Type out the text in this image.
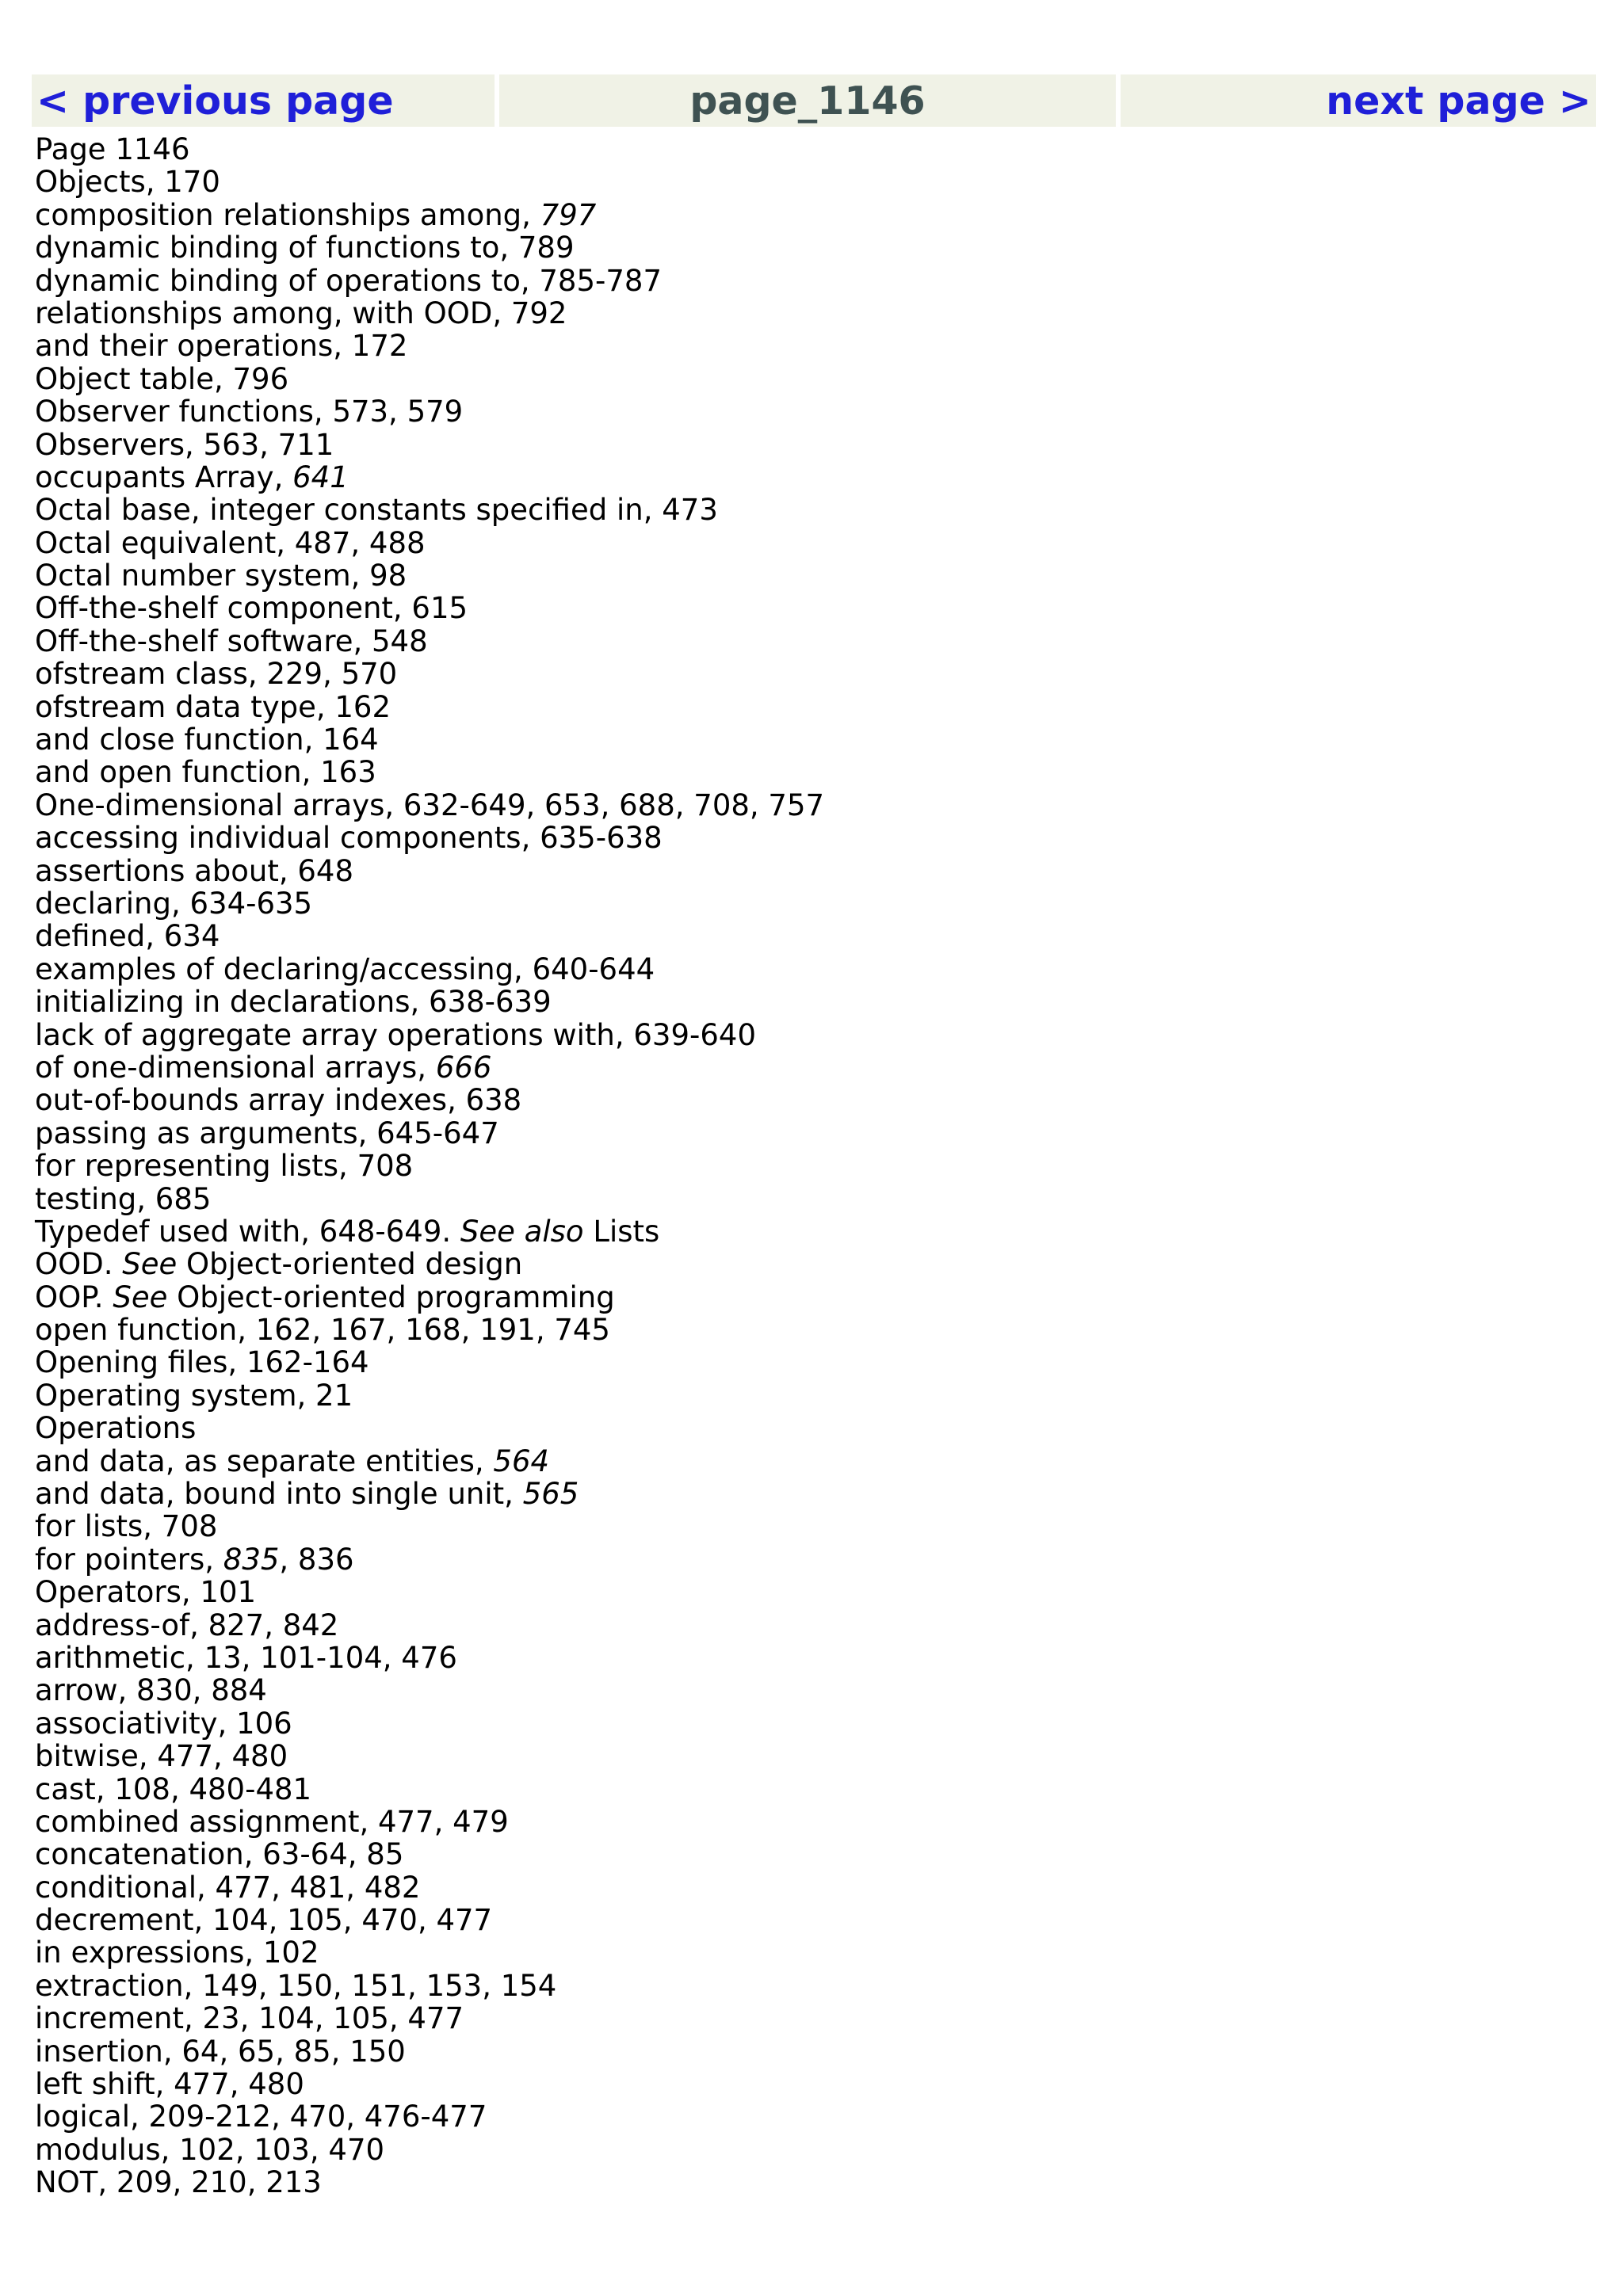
< previous page	page_1146	next page >
Page 1146
Objects, 170
composition relationships among, 797
dynamic binding of functions to, 789
dynamic binding of operations to, 785-787
relationships among, with OOD, 792
and their operations, 172
Object table, 796
Observer functions, 573, 579
Observers, 563, 711
occupants Array, 641
Octal base, integer constants specified in, 473
Octal equivalent, 487, 488
Octal number system, 98
Off-the-shelf component, 615
Off-the-shelf software, 548
ofstream class, 229, 570
ofstream data type, 162
and close function, 164
and open function, 163
One-dimensional arrays, 632-649, 653, 688, 708, 757
accessing individual components, 635-638
assertions about, 648
declaring, 634-635
defined, 634
examples of declaring/accessing, 640-644
initializing in declarations, 638-639
lack of aggregate array operations with, 639-640
of one-dimensional arrays, 666
out-of-bounds array indexes, 638
passing as arguments, 645-647
for representing lists, 708
testing, 685
Typedef used with, 648-649. See also Lists
OOD. See Object-oriented design
OOP. See Object-oriented programming
open function, 162, 167, 168, 191, 745
Opening files, 162-164
Operating system, 21
Operations
and data, as separate entities, 564
and data, bound into single unit, 565
for lists, 708
for pointers, 835, 836
Operators, 101
address-of, 827, 842
arithmetic, 13, 101-104, 476
arrow, 830, 884
associativity, 106
bitwise, 477, 480
cast, 108, 480-481
combined assignment, 477, 479
concatenation, 63-64, 85
conditional, 477, 481, 482
decrement, 104, 105, 470, 477
in expressions, 102
extraction, 149, 150, 151, 153, 154
increment, 23, 104, 105, 477
insertion, 64, 65, 85, 150
left shift, 477, 480
logical, 209-212, 470, 476-477
modulus, 102, 103, 470
NOT, 209, 210, 213
